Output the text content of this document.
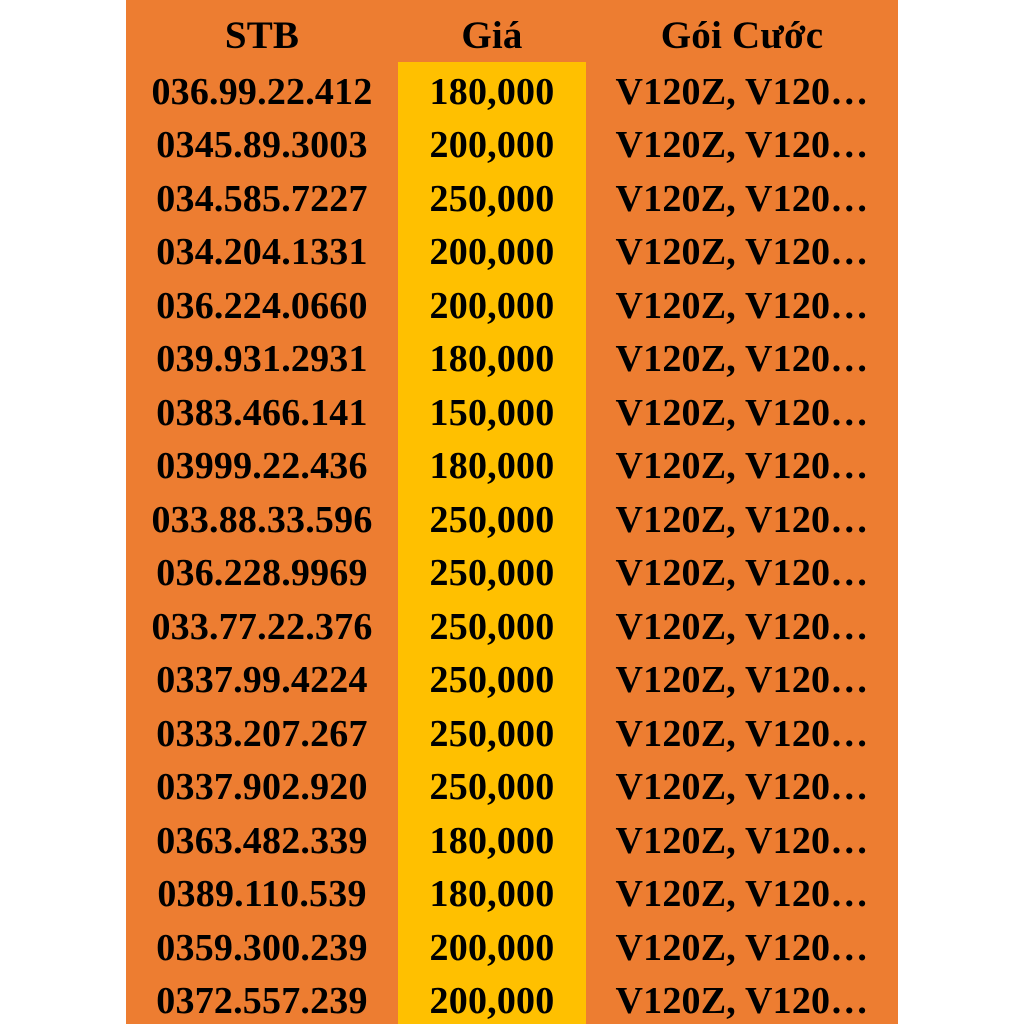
STB	Giá	Gói Cước
036.99.22.412	180,000	V120Z, V120…
0345.89.3003	200,000	V120Z, V120…
034.585.7227	250,000	V120Z, V120…
034.204.1331	200,000	V120Z, V120…
036.224.0660	200,000	V120Z, V120…
039.931.2931	180,000	V120Z, V120…
0383.466.141	150,000	V120Z, V120…
03999.22.436	180,000	V120Z, V120…
033.88.33.596	250,000	V120Z, V120…
036.228.9969	250,000	V120Z, V120…
033.77.22.376	250,000	V120Z, V120…
0337.99.4224	250,000	V120Z, V120…
0333.207.267	250,000	V120Z, V120…
0337.902.920	250,000	V120Z, V120…
0363.482.339	180,000	V120Z, V120…
0389.110.539	180,000	V120Z, V120…
0359.300.239	200,000	V120Z, V120…
0372.557.239	200,000	V120Z, V120…
